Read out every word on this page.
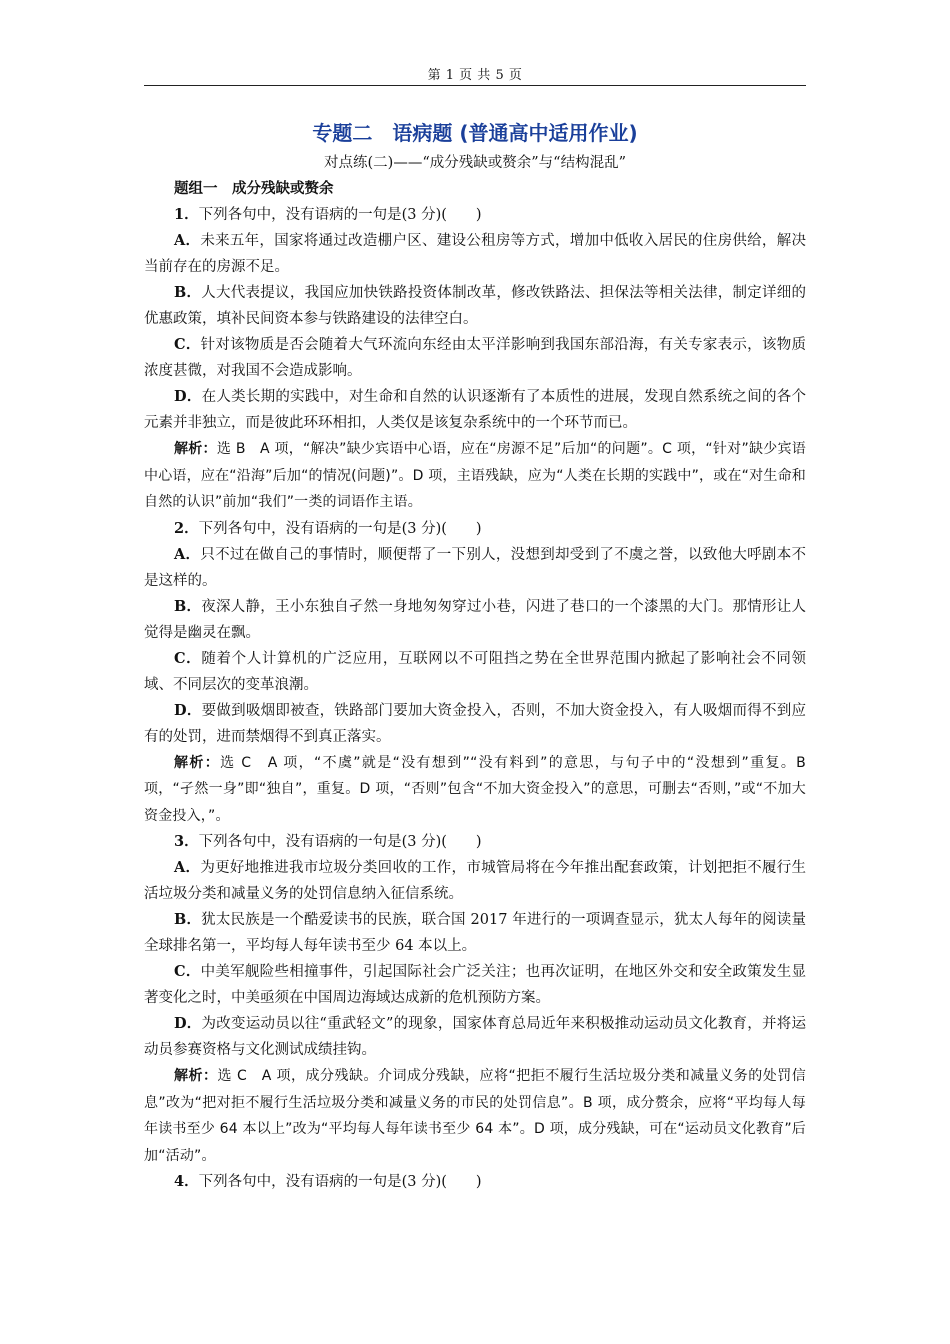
第 1 页 共 5 页
专题二　语病题 (普通高中适用作业)
对点练(二)——“成分残缺或赘余”与“结构混乱”
题组一　成分残缺或赘余

1．下列各句中，没有语病的一句是(3 分)(　　)

A．未来五年，国家将通过改造棚户区、建设公租房等方式，增加中低收入居民的住房供给，解决当前存在的房源不足。

B．人大代表提议，我国应加快铁路投资体制改革，修改铁路法、担保法等相关法律，制定详细的优惠政策，填补民间资本参与铁路建设的法律空白。

C．针对该物质是否会随着大气环流向东经由太平洋影响到我国东部沿海，有关专家表示，该物质浓度甚微，对我国不会造成影响。

D．在人类长期的实践中，对生命和自然的认识逐渐有了本质性的进展，发现自然系统之间的各个元素并非独立，而是彼此环环相扣，人类仅是该复杂系统中的一个环节而已。

解析：选 B　A 项，“解决”缺少宾语中心语，应在“房源不足”后加“的问题”。C 项，“针对”缺少宾语中心语，应在“沿海”后加“的情况(问题)”。D 项，主语残缺，应为“人类在长期的实践中”，或在“对生命和自然的认识”前加“我们”一类的词语作主语。

2．下列各句中，没有语病的一句是(3 分)(　　)

A．只不过在做自己的事情时，顺便帮了一下别人，没想到却受到了不虞之誉，以致他大呼剧本不是这样的。

B．夜深人静，王小东独自孑然一身地匆匆穿过小巷，闪进了巷口的一个漆黑的大门。那情形让人觉得是幽灵在飘。

C．随着个人计算机的广泛应用，互联网以不可阻挡之势在全世界范围内掀起了影响社会不同领域、不同层次的变革浪潮。

D．要做到吸烟即被查，铁路部门要加大资金投入，否则，不加大资金投入，有人吸烟而得不到应有的处罚，进而禁烟得不到真正落实。

解析：选 C　A 项，“不虞”就是“没有想到”“没有料到”的意思，与句子中的“没想到”重复。B 项，“孑然一身”即“独自”，重复。D 项，“否则”包含“不加大资金投入”的意思，可删去“否则，”或“不加大资金投入，”。

3．下列各句中，没有语病的一句是(3 分)(　　)

A．为更好地推进我市垃圾分类回收的工作，市城管局将在今年推出配套政策，计划把拒不履行生活垃圾分类和减量义务的处罚信息纳入征信系统。

B．犹太民族是一个酷爱读书的民族，联合国 2017 年进行的一项调查显示，犹太人每年的阅读量全球排名第一，平均每人每年读书至少 64 本以上。

C．中美军舰险些相撞事件，引起国际社会广泛关注；也再次证明，在地区外交和安全政策发生显著变化之时，中美亟须在中国周边海域达成新的危机预防方案。

D．为改变运动员以往“重武轻文”的现象，国家体育总局近年来积极推动运动员文化教育，并将运动员参赛资格与文化测试成绩挂钩。

解析：选 C　A 项，成分残缺。介词成分残缺，应将“把拒不履行生活垃圾分类和减量义务的处罚信息”改为“把对拒不履行生活垃圾分类和减量义务的市民的处罚信息”。B 项，成分赘余，应将“平均每人每年读书至少 64 本以上”改为“平均每人每年读书至少 64 本”。D 项，成分残缺，可在“运动员文化教育”后加“活动”。

4．下列各句中，没有语病的一句是(3 分)(　　)
